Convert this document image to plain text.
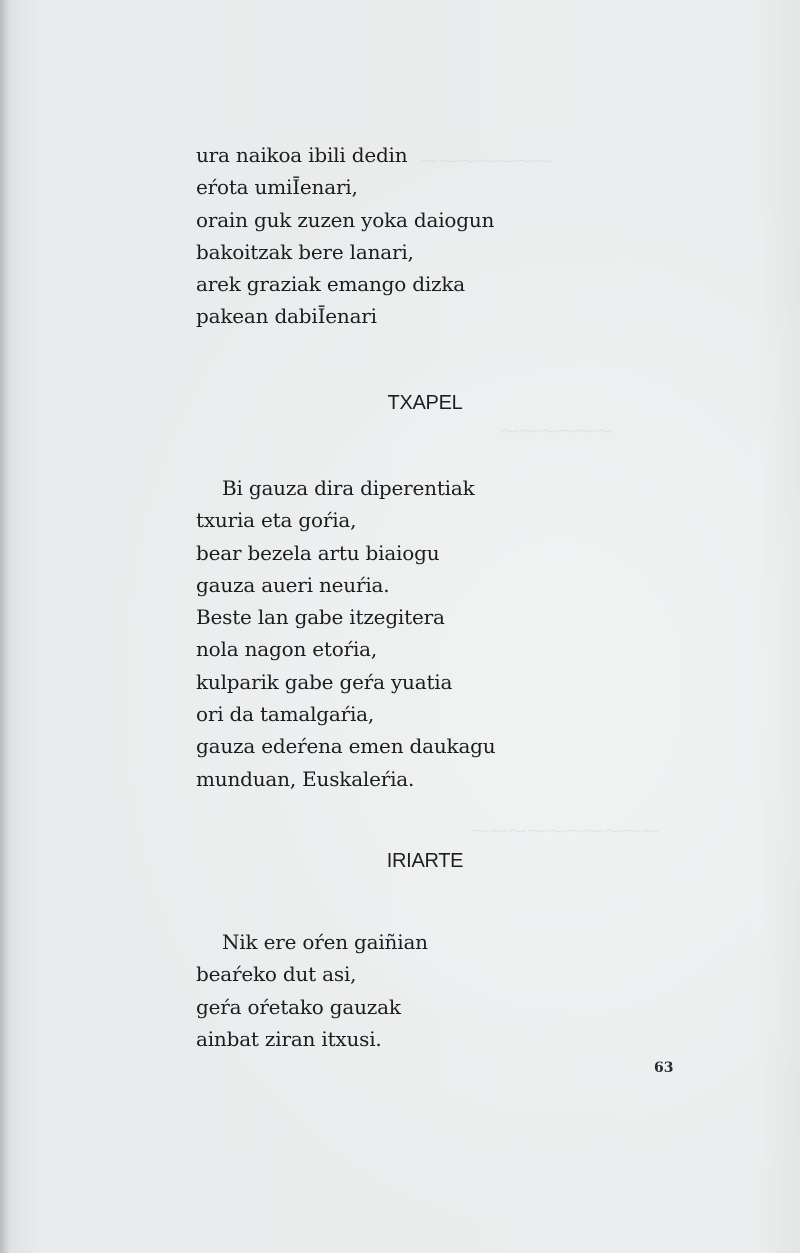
⁓⁓⁓⁓⁓⁓⁓
⁓⁓⁓⁓⁓⁓
⁓⁓⁓⁓⁓⁓⁓⁓⁓⁓
ura naikoa ibili dedin
eŕota umiĪenari,
orain guk zuzen yoka daiogun
bakoitzak bere lanari,
arek graziak emango dizka
pakean dabiĪenari
TXAPEL
Bi gauza dira diperentiak
txuria eta goŕia,
bear bezela artu biaiogu
gauza aueri neuŕia.
Beste lan gabe itzegitera
nola nagon etoŕia,
kulparik gabe geŕa yuatia
ori da tamalgaŕia,
gauza edeŕena emen daukagu
munduan, Euskaleŕia.
IRIARTE
Nik ere oŕen gaiñian
beaŕeko dut asi,
geŕa oŕetako gauzak
ainbat ziran itxusi.
63
